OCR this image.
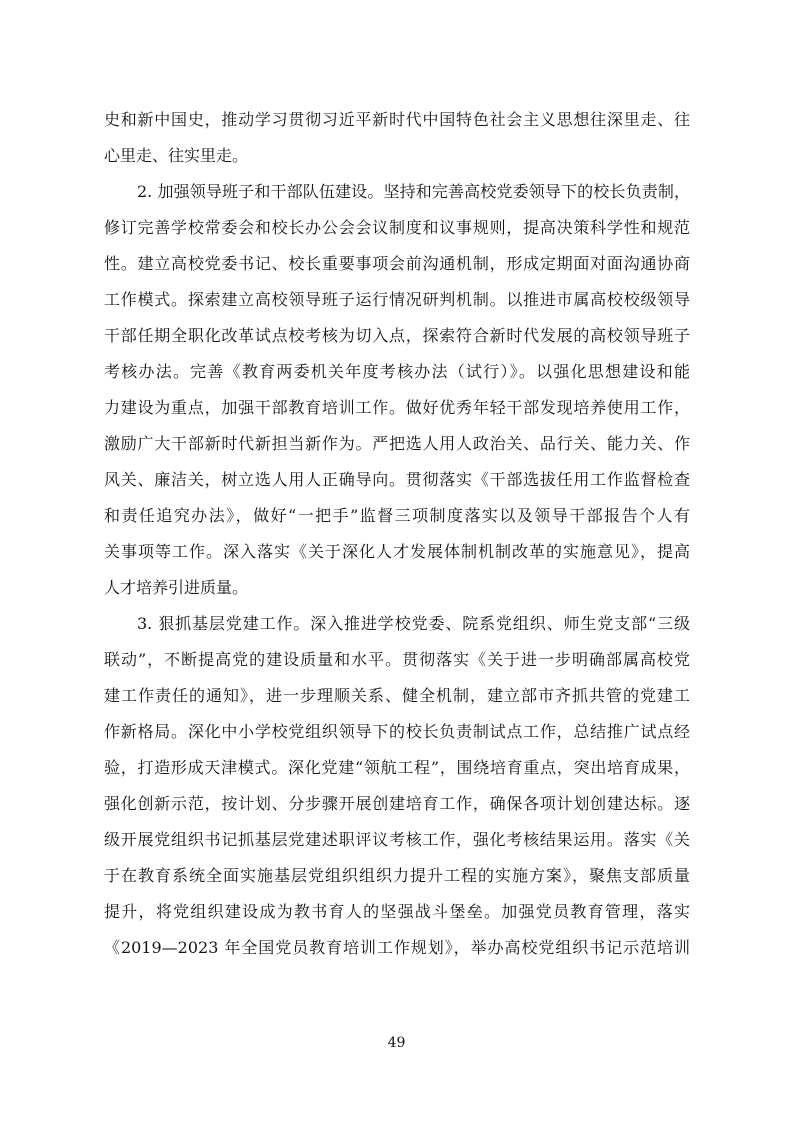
史和新中国史，推动学习贯彻习近平新时代中国特色社会主义思想往深里走、往
心里走、往实里走。
2. 加强领导班子和干部队伍建设。坚持和完善高校党委领导下的校长负责制，
修订完善学校常委会和校长办公会会议制度和议事规则，提高决策科学性和规范
性。建立高校党委书记、校长重要事项会前沟通机制，形成定期面对面沟通协商
工作模式。探索建立高校领导班子运行情况研判机制。以推进市属高校校级领导
干部任期全职化改革试点校考核为切入点，探索符合新时代发展的高校领导班子
考核办法。完善《教育两委机关年度考核办法（试行）》。以强化思想建设和能
力建设为重点，加强干部教育培训工作。做好优秀年轻干部发现培养使用工作，
激励广大干部新时代新担当新作为。严把选人用人政治关、品行关、能力关、作
风关、廉洁关，树立选人用人正确导向。贯彻落实《干部选拔任用工作监督检查
和责任追究办法》，做好“一把手”监督三项制度落实以及领导干部报告个人有
关事项等工作。深入落实《关于深化人才发展体制机制改革的实施意见》，提高
人才培养引进质量。
3. 狠抓基层党建工作。深入推进学校党委、院系党组织、师生党支部“三级
联动”，不断提高党的建设质量和水平。贯彻落实《关于进一步明确部属高校党
建工作责任的通知》，进一步理顺关系、健全机制，建立部市齐抓共管的党建工
作新格局。深化中小学校党组织领导下的校长负责制试点工作，总结推广试点经
验，打造形成天津模式。深化党建“领航工程”，围绕培育重点，突出培育成果，
强化创新示范，按计划、分步骤开展创建培育工作，确保各项计划创建达标。逐
级开展党组织书记抓基层党建述职评议考核工作，强化考核结果运用。落实《关
于在教育系统全面实施基层党组织组织力提升工程的实施方案》，聚焦支部质量
提升，将党组织建设成为教书育人的坚强战斗堡垒。加强党员教育管理，落实
《2019—2023 年全国党员教育培训工作规划》，举办高校党组织书记示范培训
49
